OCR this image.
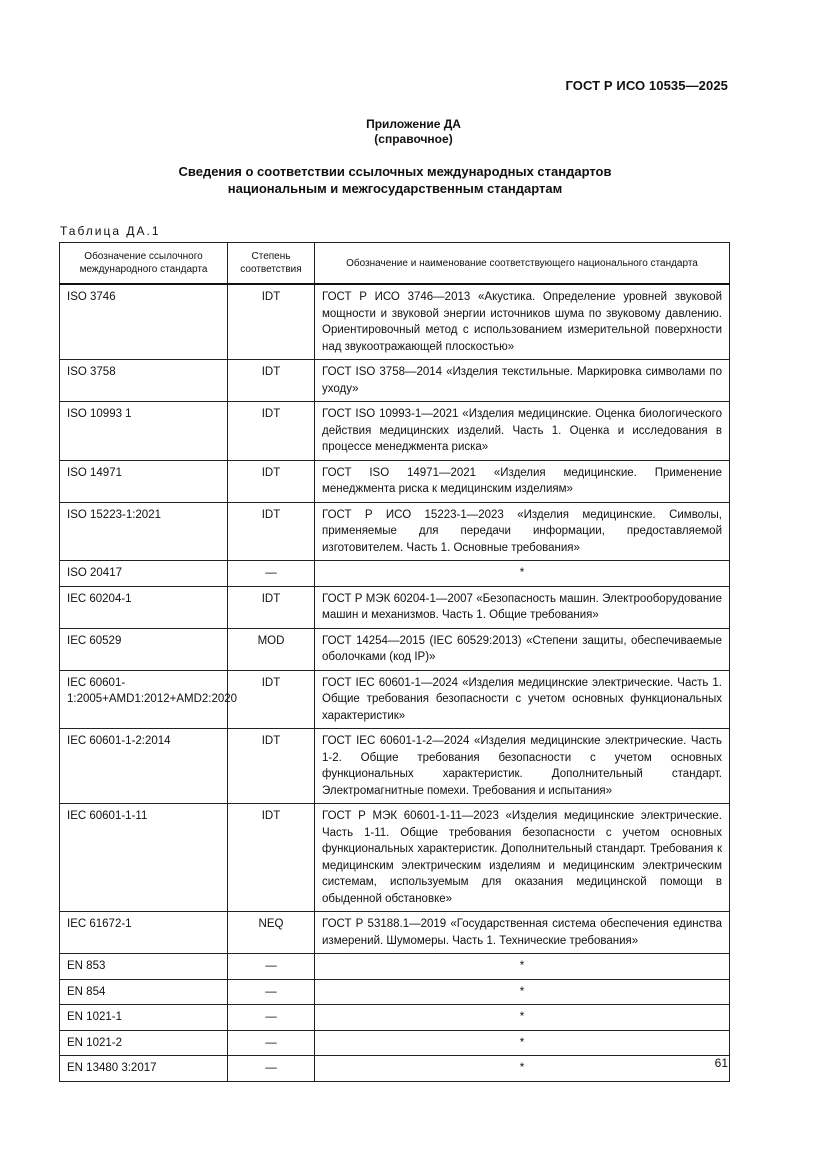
ГОСТ Р ИСО 10535—2025
Приложение ДА
(справочное)
Сведения о соответствии ссылочных международных стандартов
национальным и межгосударственным стандартам
Таблица ДА.1
Обозначение ссылочного международного стандарта	Степень соответствия	Обозначение и наименование соответствующего национального стандарта
ISO 3746	IDT	ГОСТ Р ИСО 3746—2013 «Акустика. Определение уровней звуковой мощности и звуковой энергии источников шума по звуковому давлению. Ориентировочный метод с использованием измерительной поверхности над звукоотражающей плоскостью»
ISO 3758	IDT	ГОСТ ISO 3758—2014 «Изделия текстильные. Маркировка символами по уходу»
ISO 10993 1	IDT	ГОСТ ISO 10993-1—2021 «Изделия медицинские. Оценка биологического действия медицинских изделий. Часть 1. Оценка и исследования в процессе менеджмента риска»
ISO 14971	IDT	ГОСТ ISO 14971—2021 «Изделия медицинские. Применение менеджмента риска к медицинским изделиям»
ISO 15223-1:2021	IDT	ГОСТ Р ИСО 15223-1—2023 «Изделия медицинские. Символы, применяемые для передачи информации, предоставляемой изготовителем. Часть 1. Основные требования»
ISO 20417	—	*
IEC 60204-1	IDT	ГОСТ Р МЭК 60204-1—2007 «Безопасность машин. Электрооборудование машин и механизмов. Часть 1. Общие требования»
IEC 60529	MOD	ГОСТ 14254—2015 (IEC 60529:2013) «Степени защиты, обеспечиваемые оболочками (код IP)»
IEC 60601-1:2005+AMD1:2012+AMD2:2020	IDT	ГОСТ IEC 60601-1—2024 «Изделия медицинские электрические. Часть 1. Общие требования безопасности с учетом основных функциональных характеристик»
IEC 60601-1-2:2014	IDT	ГОСТ IEC 60601-1-2—2024 «Изделия медицинские электрические. Часть 1-2. Общие требования безопасности с учетом основных функциональных характеристик. Дополнительный стандарт. Электромагнитные помехи. Требования и испытания»
IEC 60601-1-11	IDT	ГОСТ Р МЭК 60601-1-11—2023 «Изделия медицинские электрические. Часть 1-11. Общие требования безопасности с учетом основных функциональных характеристик. Дополнительный стандарт. Требования к медицинским электрическим изделиям и медицинским электрическим системам, используемым для оказания медицинской помощи в обыденной обстановке»
IEC 61672-1	NEQ	ГОСТ Р 53188.1—2019 «Государственная система обеспечения единства измерений. Шумомеры. Часть 1. Технические требования»
EN 853	—	*
EN 854	—	*
EN 1021-1	—	*
EN 1021-2	—	*
EN 13480 3:2017	—	*	61
